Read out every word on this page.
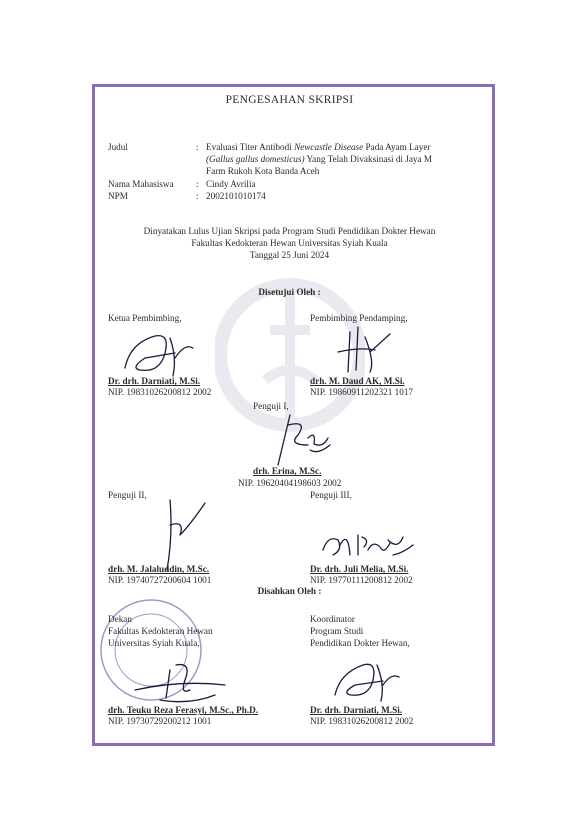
PENGESAHAN SKRIPSI
Judul	: Evaluasi Titer Antibodi Newcastle Disease Pada Ayam Layer
(Gallus gallus domesticus) Yang Telah Divaksinasi di Jaya M
Farm Rukoh Kota Banda Aceh
Nama Mahasiswa : Cindy Avrilia
NPM	: 2002101010174
Dinyatakan Lulus Ujian Skripsi pada Program Studi Pendidikan Dokter Hewan
Fakultas Kedokteran Hewan Universitas Syiah Kuala
Tanggal 25 Juni 2024
Disetujui Oleh :
Ketua Pembimbing,	Pembimbing Pendamping,
Dr. drh. Darniati, M.Si.
NIP. 19831026200812 2002
drh. M. Daud AK, M.Si.
NIP. 19860911202321 1017
Penguji I,
drh. Erina, M.Sc.
NIP. 19620404198603 2002
Penguji II,	Penguji III,
drh. M. Jalaluddin, M.Sc.
NIP. 19740727200604 1001
Dr. drh. Juli Melia, M.Si.
NIP. 19770111200812 2002
Disahkan Oleh :
Dekan
Fakultas Kedokteran Hewan
Universitas Syiah Kuala,
Koordinator
Program Studi
Pendidikan Dokter Hewan,
drh. Teuku Reza Ferasyi, M.Sc., Ph.D.
NIP. 19730729200212 1001
Dr. drh. Darniati, M.Si.
NIP. 19831026200812 2002
